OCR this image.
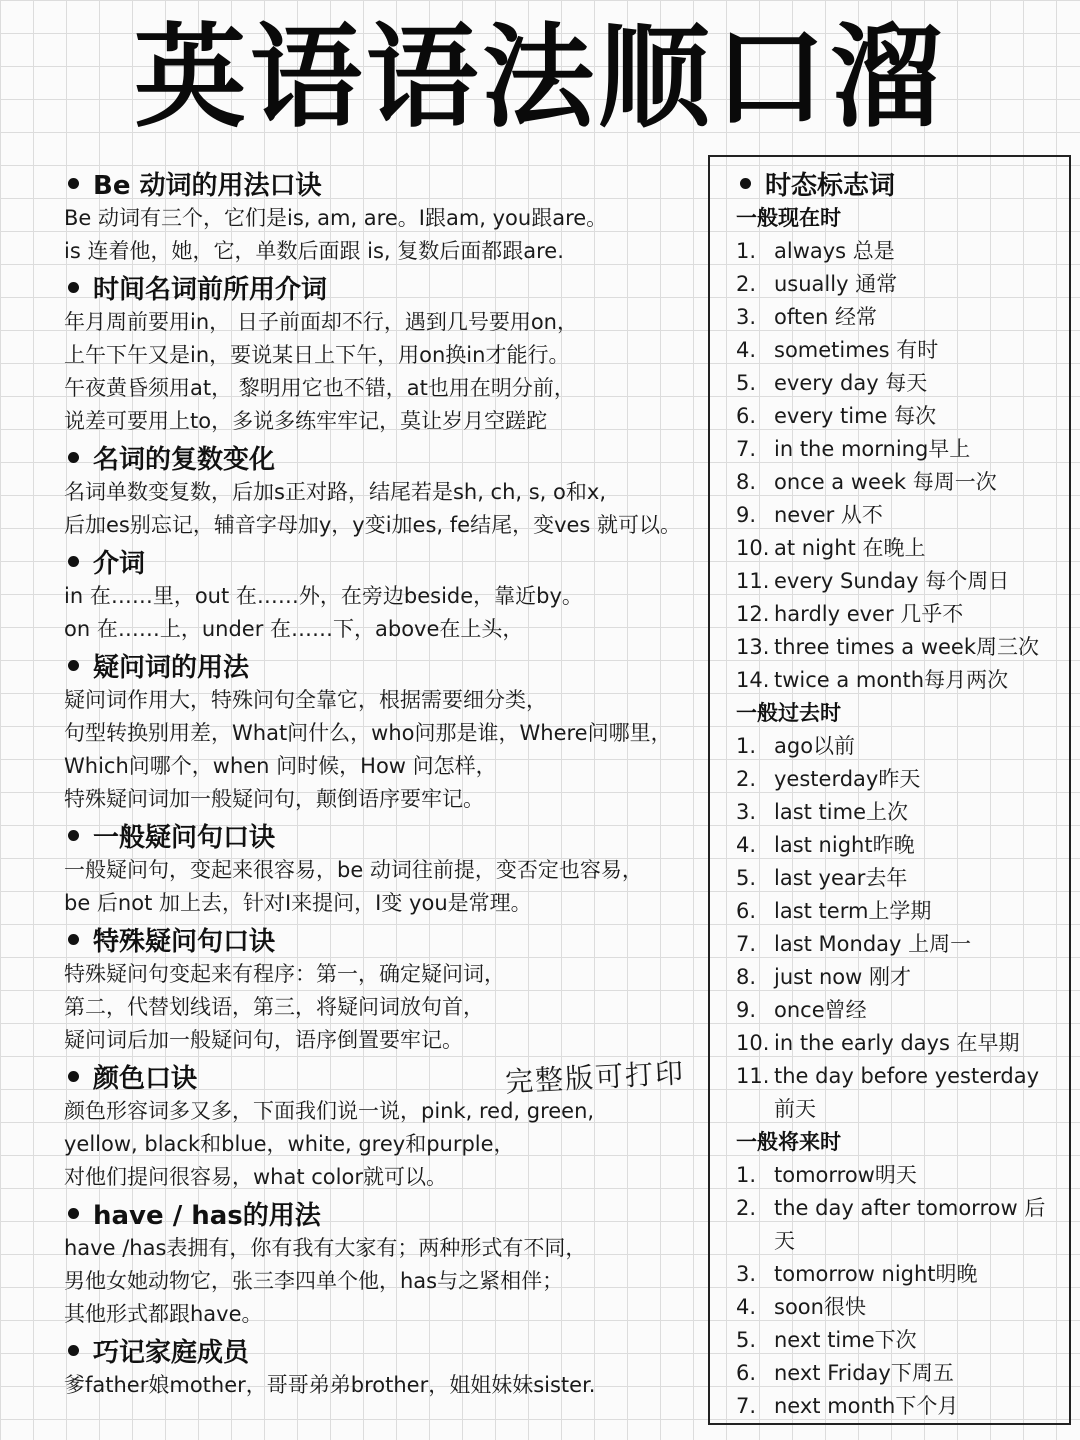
英语语法顺口溜
Be 动词的用法口诀
Be 动词有三个，它们是is, am, are。I跟am, you跟are。
is 连着他，她，它，单数后面跟 is, 复数后面都跟are.
时间名词前所用介词
年月周前要用in， 日子前面却不行，遇到几号要用on，
上午下午又是in，要说某日上下午，用on换in才能行。
午夜黄昏须用at， 黎明用它也不错，at也用在明分前，
说差可要用上to，多说多练牢牢记，莫让岁月空蹉跎
名词的复数变化
名词单数变复数，后加s正对路，结尾若是sh, ch, s, o和x,
后加es别忘记，辅音字母加y，y变i加es, fe结尾，变ves 就可以。
介词
in 在……里，out 在……外，在旁边beside，靠近by。
on 在……上，under 在……下，above在上头，
疑问词的用法
疑问词作用大，特殊问句全靠它，根据需要细分类，
句型转换别用差，What问什么，who问那是谁，Where问哪里，
Which问哪个，when 问时候，How 问怎样，
特殊疑问词加一般疑问句，颠倒语序要牢记。
一般疑问句口诀
一般疑问句，变起来很容易，be 动词往前提，变否定也容易，
be 后not 加上去，针对I来提问，I变 you是常理。
特殊疑问句口诀
特殊疑问句变起来有程序：第一，确定疑问词，
第二，代替划线语，第三，将疑问词放句首，
疑问词后加一般疑问句，语序倒置要牢记。
颜色口诀
颜色形容词多又多，下面我们说一说，pink, red, green,
yellow, black和blue，white, grey和purple，
对他们提问很容易，what color就可以。
have / has的用法
have /has表拥有，你有我有大家有；两种形式有不同，
男他女她动物它，张三李四单个他，has与之紧相伴；
其他形式都跟have。
巧记家庭成员
爹father娘mother，哥哥弟弟brother，姐姐妹妹sister.
完整版可打印
时态标志词
一般现在时
1. always 总是
2. usually 通常
3. often 经常
4. sometimes 有时
5. every day 每天
6. every time 每次
7. in the morning早上
8. once a week 每周一次
9. never 从不
10. at night 在晚上
11. every Sunday 每个周日
12. hardly ever 几乎不
13. three times a week周三次
14. twice a month每月两次
一般过去时
1. ago以前
2. yesterday昨天
3. last time上次
4. last night昨晚
5. last year去年
6. last term上学期
7. last Monday 上周一
8. just now 刚才
9. once曾经
10. in the early days 在早期
11. the day before yesterday 前天
一般将来时
1. tomorrow明天
2. the day after tomorrow 后天
3. tomorrow night明晚
4. soon很快
5. next time下次
6. next Friday下周五
7. next month下个月
